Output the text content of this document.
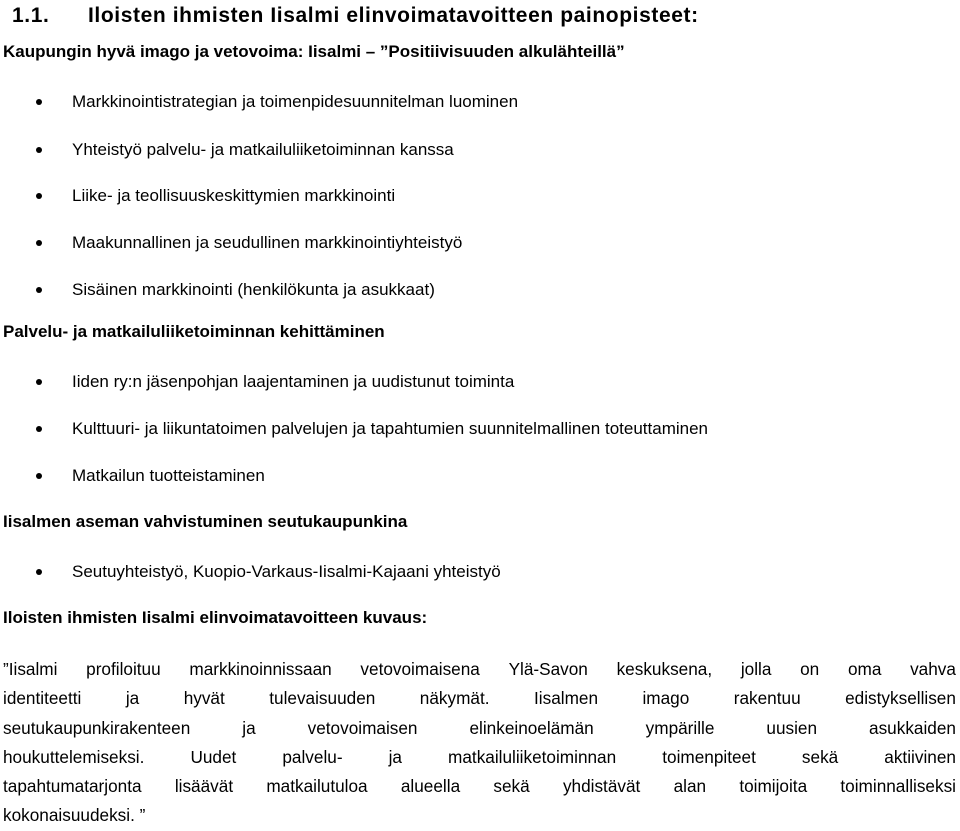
1.1. Iloisten ihmisten Iisalmi elinvoimatavoitteen painopisteet:
Kaupungin hyvä imago ja vetovoima: Iisalmi – ”Positiivisuuden alkulähteillä”
Markkinointistrategian ja toimenpidesuunnitelman luominen
Yhteistyö palvelu- ja matkailuliiketoiminnan kanssa
Liike- ja teollisuuskeskittymien markkinointi
Maakunnallinen ja seudullinen markkinointiyhteistyö
Sisäinen markkinointi (henkilökunta ja asukkaat)
Palvelu- ja matkailuliiketoiminnan kehittäminen
Iiden ry:n jäsenpohjan laajentaminen ja uudistunut toiminta
Kulttuuri- ja liikuntatoimen palvelujen ja tapahtumien suunnitelmallinen toteuttaminen
Matkailun tuotteistaminen
Iisalmen aseman vahvistuminen seutukaupunkina
Seutuyhteistyö, Kuopio-Varkaus-Iisalmi-Kajaani yhteistyö
Iloisten ihmisten Iisalmi elinvoimatavoitteen kuvaus:
”Iisalmi profiloituu markkinoinnissaan vetovoimaisena Ylä-Savon keskuksena, jolla on oma vahva
identiteetti	ja	hyvät	tulevaisuuden	näkymät.	Iisalmen	imago	rakentuu	edistyksellisen
seutukaupunkirakenteen	ja	vetovoimaisen	elinkeinoelämän	ympärille	uusien	asukkaiden
houkuttelemiseksi.	Uudet	palvelu-	ja	matkailuliiketoiminnan	toimenpiteet	sekä	aktiivinen
tapahtumatarjonta lisäävät matkailutuloa alueella sekä yhdistävät alan toimijoita toiminnalliseksi
kokonaisuudeksi. ”
